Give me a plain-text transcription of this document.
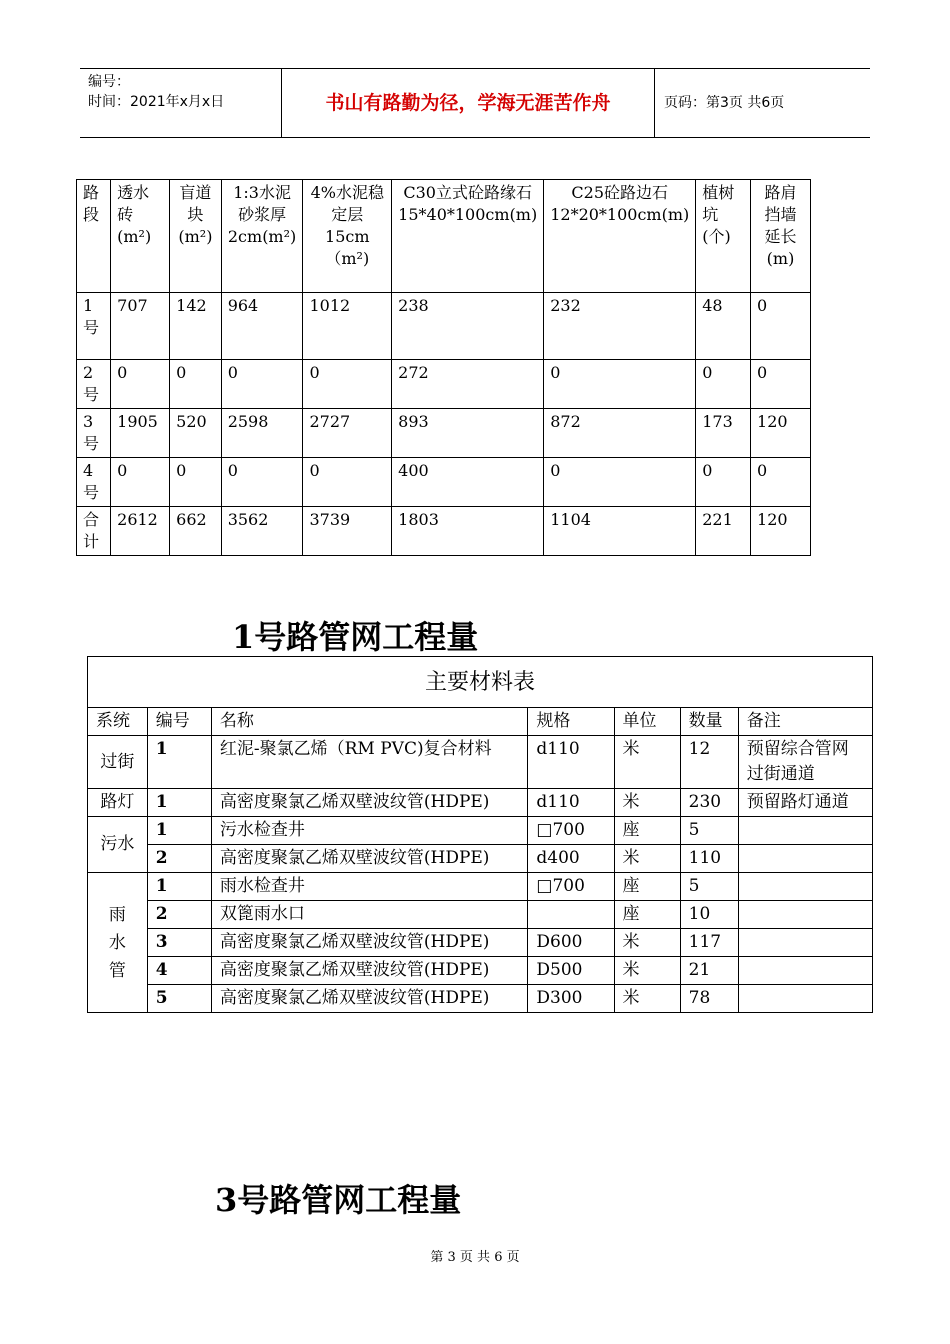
编号：
时间：2021年x月x日	书山有路勤为径，学海无涯苦作舟	页码：第3页 共6页
路段	透水砖(m²)	盲道块(m²)	1:3水泥砂浆厚2cm(m²)	4%水泥稳定层15cm（m²)	C30立式砼路缘石15*40*100cm(m)	C25砼路边石12*20*100cm(m)	植树坑(个)	路肩挡墙延长(m)
1号	707	142	964	1012	238	232	48	0
2号	0	0	0	0	272	0	0	0
3号	1905	520	2598	2727	893	872	173	120
4号	0	0	0	0	400	0	0	0
合计	2612	662	3562	3739	1803	1104	221	120
1号路管网工程量
主要材料表						
系统	编号	名称	规格	单位	数量	备注
过街	1	红泥-聚氯乙烯（RM PVC)复合材料	d110	米	12	预留综合管网过街通道
路灯	1	高密度聚氯乙烯双壁波纹管(HDPE)	d110	米	230	预留路灯通道
污水	1	污水检查井	□700	座	5	
	2	高密度聚氯乙烯双壁波纹管(HDPE)	d400	米	110	
雨水管	1	雨水检查井	□700	座	5	
	2	双篦雨水口		座	10	
	3	高密度聚氯乙烯双壁波纹管(HDPE)	D600	米	117	
	4	高密度聚氯乙烯双壁波纹管(HDPE)	D500	米	21	
	5	高密度聚氯乙烯双壁波纹管(HDPE)	D300	米	78	
3号路管网工程量
第 3 页 共 6 页
